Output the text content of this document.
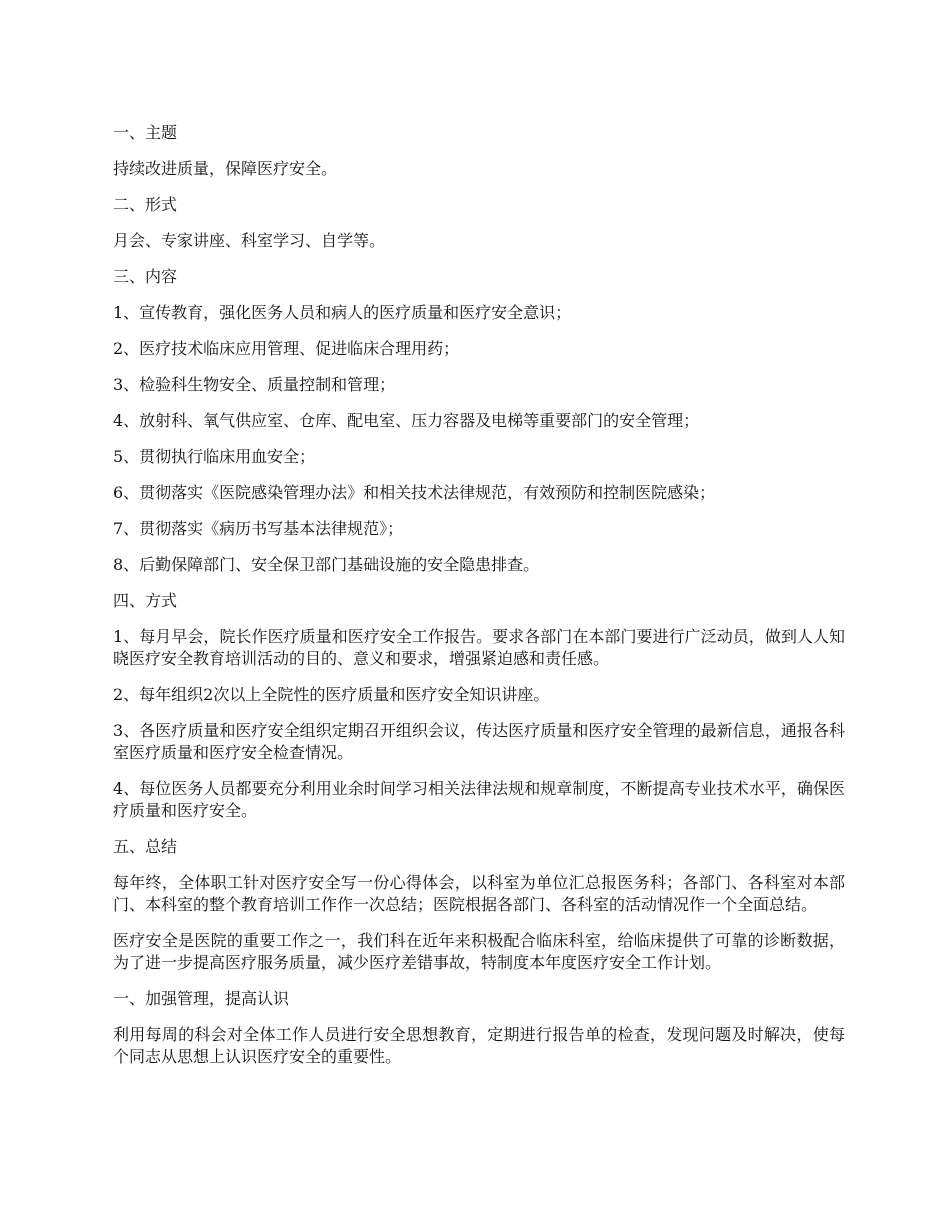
一、主题

持续改进质量，保障医疗安全。

二、形式

月会、专家讲座、科室学习、自学等。

三、内容

1、宣传教育，强化医务人员和病人的医疗质量和医疗安全意识；

2、医疗技术临床应用管理、促进临床合理用药；

3、检验科生物安全、质量控制和管理；

4、放射科、氧气供应室、仓库、配电室、压力容器及电梯等重要部门的安全管理；

5、贯彻执行临床用血安全；

6、贯彻落实《医院感染管理办法》和相关技术法律规范，有效预防和控制医院感染；

7、贯彻落实《病历书写基本法律规范》；

8、后勤保障部门、安全保卫部门基础设施的安全隐患排查。

四、方式

1、每月早会，院长作医疗质量和医疗安全工作报告。要求各部门在本部门要进行广泛动员，做到人人知晓医疗安全教育培训活动的目的、意义和要求，增强紧迫感和责任感。

2、每年组织2次以上全院性的医疗质量和医疗安全知识讲座。

3、各医疗质量和医疗安全组织定期召开组织会议，传达医疗质量和医疗安全管理的最新信息，通报各科室医疗质量和医疗安全检查情况。

4、每位医务人员都要充分利用业余时间学习相关法律法规和规章制度，不断提高专业技术水平，确保医疗质量和医疗安全。

五、总结

每年终，全体职工针对医疗安全写一份心得体会，以科室为单位汇总报医务科；各部门、各科室对本部门、本科室的整个教育培训工作作一次总结；医院根据各部门、各科室的活动情况作一个全面总结。

医疗安全是医院的重要工作之一，我们科在近年来积极配合临床科室，给临床提供了可靠的诊断数据，为了进一步提高医疗服务质量，减少医疗差错事故，特制度本年度医疗安全工作计划。

一、加强管理，提高认识

利用每周的科会对全体工作人员进行安全思想教育，定期进行报告单的检查，发现问题及时解决，使每个同志从思想上认识医疗安全的重要性。
